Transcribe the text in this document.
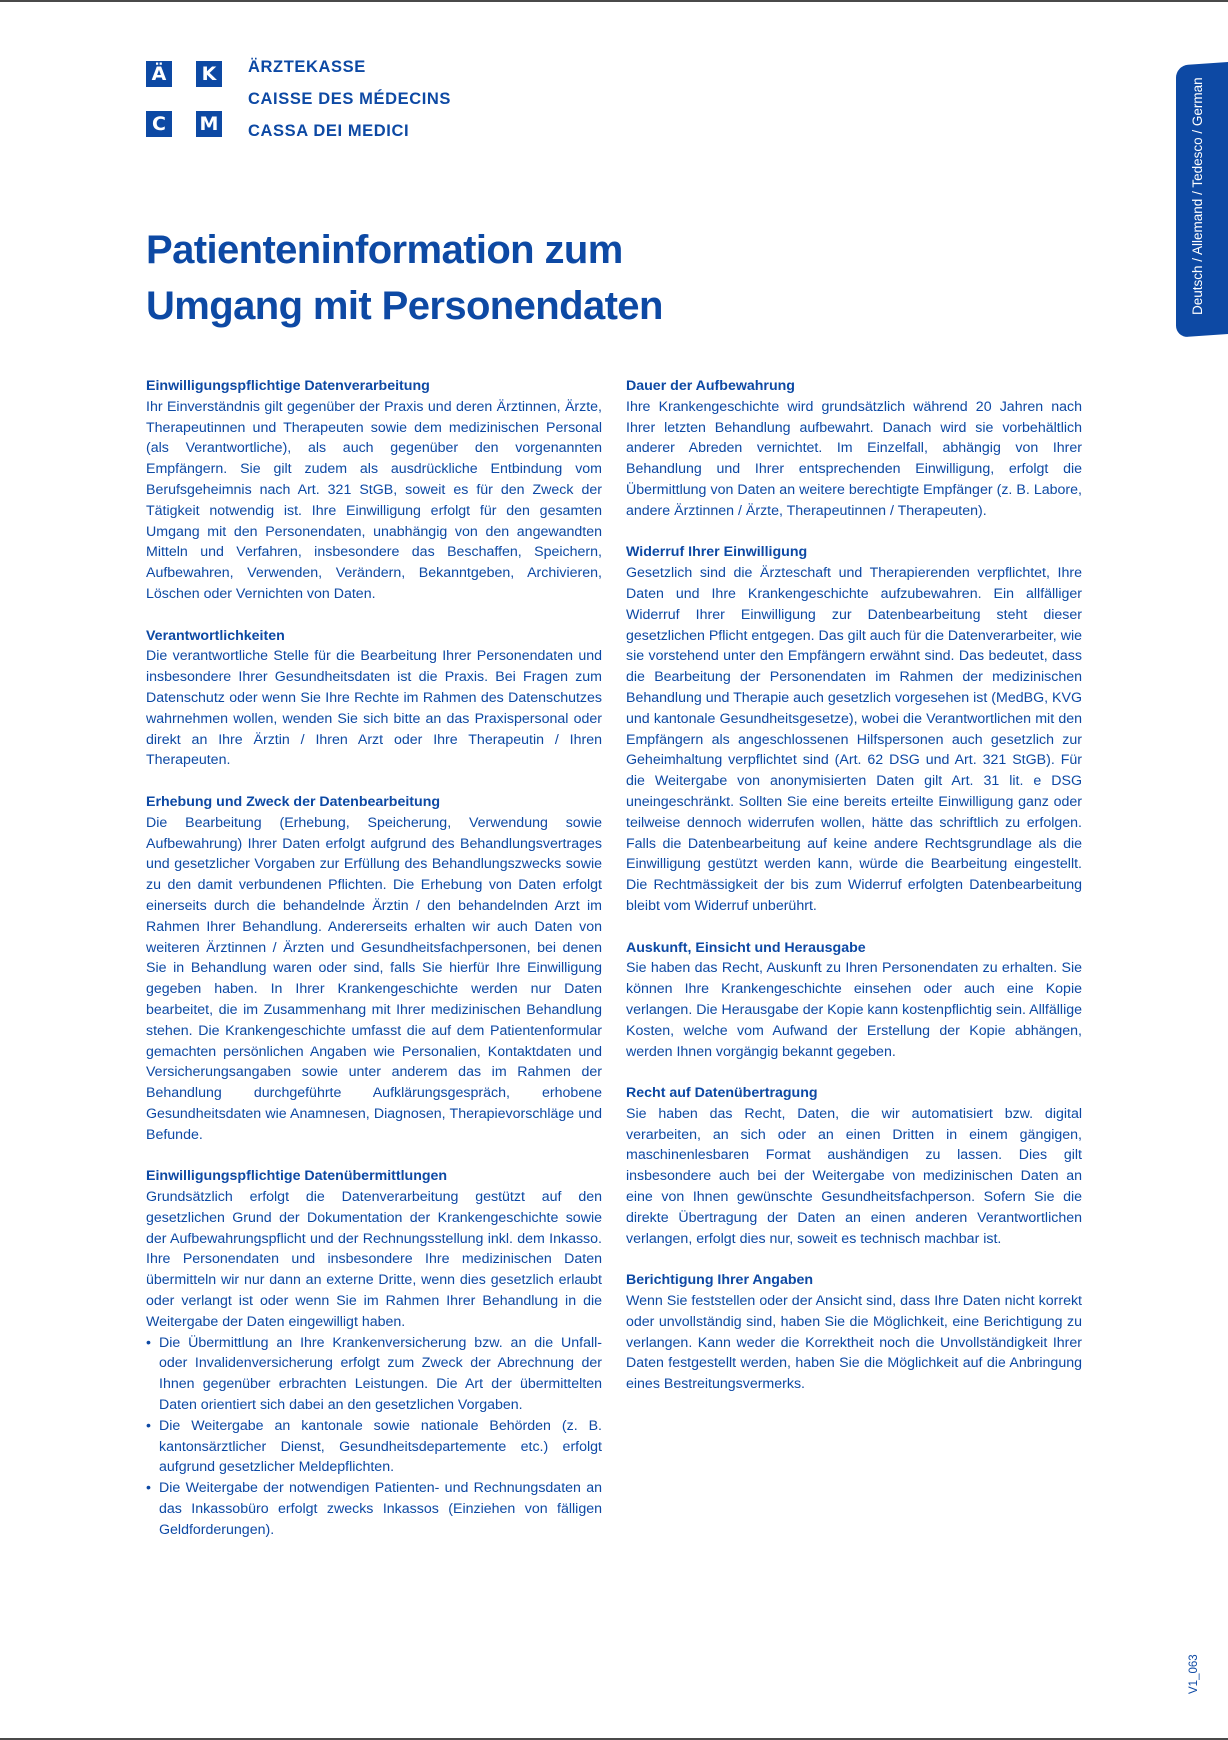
Ä K
C	M
ÄRZTEKASSE
CAISSE DES MÉDECINS
CASSA DEI MEDICI	Deutsch / Allemand / Tedesco / German
Patienteninformation zum
Umgang mit Personendaten
Einwilligungspflichtige Datenverarbeitung

Ihr Einverständnis gilt gegenüber der Praxis und deren Ärztinnen, Ärzte, Therapeutinnen und Therapeuten sowie dem medizinischen Personal (als Verantwortliche), als auch gegenüber den vorgenannten Empfängern. Sie gilt zudem als ausdrückliche Entbindung vom Berufsgeheimnis nach Art. 321 StGB, soweit es für den Zweck der Tätigkeit notwendig ist. Ihre Einwilligung erfolgt für den gesamten Umgang mit den Personendaten, unabhängig von den angewandten Mitteln und Verfahren, insbesondere das Beschaffen, Speichern, Aufbewahren, Verwenden, Verändern, Bekanntgeben, Archivieren, Löschen oder Vernichten von Daten.

Verantwortlichkeiten

Die verantwortliche Stelle für die Bearbeitung Ihrer Personendaten und insbesondere Ihrer Gesundheitsdaten ist die Praxis. Bei Fragen zum Datenschutz oder wenn Sie Ihre Rechte im Rahmen des Datenschutzes wahrnehmen wollen, wenden Sie sich bitte an das Praxispersonal oder direkt an Ihre Ärztin / Ihren Arzt oder Ihre Therapeutin / Ihren Therapeuten.

Erhebung und Zweck der Datenbearbeitung

Die Bearbeitung (Erhebung, Speicherung, Verwendung sowie Aufbewahrung) Ihrer Daten erfolgt aufgrund des Behandlungsvertrages und gesetzlicher Vorgaben zur Erfüllung des Behandlungszwecks sowie zu den damit verbundenen Pflichten. Die Erhebung von Daten erfolgt einerseits durch die behandelnde Ärztin / den behandelnden Arzt im Rahmen Ihrer Behandlung. Andererseits erhalten wir auch Daten von weiteren Ärztinnen / Ärzten und Gesundheitsfachpersonen, bei denen Sie in Behandlung waren oder sind, falls Sie hierfür Ihre Einwilligung gegeben haben. In Ihrer Krankengeschichte werden nur Daten bearbeitet, die im Zusammenhang mit Ihrer medizinischen Behandlung stehen. Die Krankengeschichte umfasst die auf dem Patientenformular gemachten persönlichen Angaben wie Personalien, Kontaktdaten und Versicherungsangaben sowie unter anderem das im Rahmen der Behandlung durchgeführte Aufklärungsgespräch, erhobene Gesundheitsdaten wie Anamnesen, Diagnosen, Therapievorschläge und Befunde.

Einwilligungspflichtige Datenübermittlungen

Grundsätzlich erfolgt die Datenverarbeitung gestützt auf den gesetzlichen Grund der Dokumentation der Krankengeschichte sowie der Aufbewahrungspflicht und der Rechnungsstellung inkl. dem Inkasso. Ihre Personendaten und insbesondere Ihre medizinischen Daten übermitteln wir nur dann an externe Dritte, wenn dies gesetzlich erlaubt oder verlangt ist oder wenn Sie im Rahmen Ihrer Behandlung in die Weitergabe der Daten eingewilligt haben.

• Die Übermittlung an Ihre Krankenversicherung bzw. an die Unfall- oder Invalidenversicherung erfolgt zum Zweck der Abrechnung der Ihnen gegenüber erbrachten Leistungen. Die Art der übermittelten Daten orientiert sich dabei an den gesetzlichen Vorgaben.
• Die Weitergabe an kantonale sowie nationale Behörden (z. B. kantonsärztlicher Dienst, Gesundheitsdepartemente etc.) erfolgt aufgrund gesetzlicher Meldepflichten.
• Die Weitergabe der notwendigen Patienten- und Rechnungsdaten an das Inkassobüro erfolgt zwecks Inkassos (Einziehen von fälligen Geldforderungen).
Dauer der Aufbewahrung

Ihre Krankengeschichte wird grundsätzlich während 20 Jahren nach Ihrer letzten Behandlung aufbewahrt. Danach wird sie vorbehältlich anderer Abreden vernichtet. Im Einzelfall, abhängig von Ihrer Behandlung und Ihrer entsprechenden Einwilligung, erfolgt die Übermittlung von Daten an weitere berechtigte Empfänger (z. B. Labore, andere Ärztinnen / Ärzte, Therapeutinnen / Therapeuten).

Widerruf Ihrer Einwilligung

Gesetzlich sind die Ärzteschaft und Therapierenden verpflichtet, Ihre Daten und Ihre Krankengeschichte aufzubewahren. Ein allfälliger Widerruf Ihrer Einwilligung zur Datenbearbeitung steht dieser gesetzlichen Pflicht entgegen. Das gilt auch für die Datenverarbeiter, wie sie vorstehend unter den Empfängern erwähnt sind. Das bedeutet, dass die Bearbeitung der Personendaten im Rahmen der medizinischen Behandlung und Therapie auch gesetzlich vorgesehen ist (MedBG, KVG und kantonale Gesundheitsgesetze), wobei die Verantwortlichen mit den Empfängern als angeschlossenen Hilfspersonen auch gesetzlich zur Geheimhaltung verpflichtet sind (Art. 62 DSG und Art. 321 StGB). Für die Weitergabe von anonymisierten Daten gilt Art. 31 lit. e DSG uneingeschränkt. Sollten Sie eine bereits erteilte Einwilligung ganz oder teilweise dennoch widerrufen wollen, hätte das schriftlich zu erfolgen. Falls die Datenbearbeitung auf keine andere Rechtsgrundlage als die Einwilligung gestützt werden kann, würde die Bearbeitung eingestellt. Die Rechtmässigkeit der bis zum Widerruf erfolgten Datenbearbeitung bleibt vom Widerruf unberührt.

Auskunft, Einsicht und Herausgabe

Sie haben das Recht, Auskunft zu Ihren Personendaten zu erhalten. Sie können Ihre Krankengeschichte einsehen oder auch eine Kopie verlangen. Die Herausgabe der Kopie kann kostenpflichtig sein. Allfällige Kosten, welche vom Aufwand der Erstellung der Kopie abhängen, werden Ihnen vorgängig bekannt gegeben.

Recht auf Datenübertragung

Sie haben das Recht, Daten, die wir automatisiert bzw. digital verarbeiten, an sich oder an einen Dritten in einem gängigen, maschinenlesbaren Format aushändigen zu lassen. Dies gilt insbesondere auch bei der Weitergabe von medizinischen Daten an eine von Ihnen gewünschte Gesundheitsfachperson. Sofern Sie die direkte Übertragung der Daten an einen anderen Verantwortlichen verlangen, erfolgt dies nur, soweit es technisch machbar ist.

Berichtigung Ihrer Angaben

Wenn Sie feststellen oder der Ansicht sind, dass Ihre Daten nicht korrekt oder unvollständig sind, haben Sie die Möglichkeit, eine Berichtigung zu verlangen. Kann weder die Korrektheit noch die Unvollständigkeit Ihrer Daten festgestellt werden, haben Sie die Möglichkeit auf die Anbringung eines Bestreitungsvermerks.

V1_063
